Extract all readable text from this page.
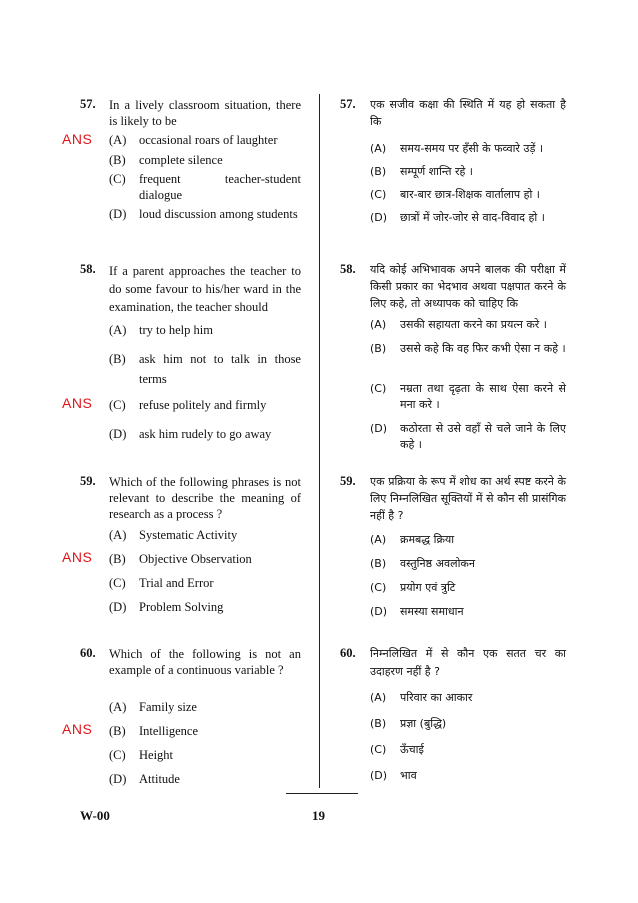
57. In a lively classroom situation, there is likely to be
(A) occasional roars of laughter
(B) complete silence
(C) frequent teacher-student dialogue
(D) loud discussion among students
ANS
58. If a parent approaches the teacher to do some favour to his/her ward in the examination, the teacher should
(A) try to help him
(B) ask him not to talk in those terms
(C) refuse politely and firmly
(D) ask him rudely to go away
ANS
59. Which of the following phrases is not relevant to describe the meaning of research as a process ?
(A) Systematic Activity
(B) Objective Observation
(C) Trial and Error
(D) Problem Solving
ANS
60. Which of the following is not an example of a continuous variable ?
(A) Family size
(B) Intelligence
(C) Height
(D) Attitude
ANS
57. एक सजीव कक्षा की स्थिति में यह हो सकता है कि
(A) समय-समय पर हँसी के फव्वारे उड़ें ।
(B) सम्पूर्ण शान्ति रहे ।
(C) बार-बार छात्र-शिक्षक वार्तालाप हो ।
(D) छात्रों में जोर-जोर से वाद-विवाद हो ।
58. यदि कोई अभिभावक अपने बालक की परीक्षा में किसी प्रकार का भेदभाव अथवा पक्षपात करने के लिए कहे, तो अध्यापक को चाहिए कि
(A) उसकी सहायता करने का प्रयत्न करे ।
(B) उससे कहे कि वह फिर कभी ऐसा न कहे ।
(C) नम्रता तथा दृढ़ता के साथ ऐसा करने से मना करे ।
(D) कठोरता से उसे वहाँ से चले जाने के लिए कहे ।
59. एक प्रक्रिया के रूप में शोध का अर्थ स्पष्ट करने के लिए निम्नलिखित सूक्तियों में से कौन सी प्रासंगिक नहीं है ?
(A) क्रमबद्ध क्रिया
(B) वस्तुनिष्ठ अवलोकन
(C) प्रयोग एवं त्रुटि
(D) समस्या समाधान
60. निम्नलिखित में से कौन एक सतत चर का उदाहरण नहीं है ?
(A) परिवार का आकार
(B) प्रज्ञा (बुद्धि)
(C) ऊँचाई
(D) भाव
W-00	19
